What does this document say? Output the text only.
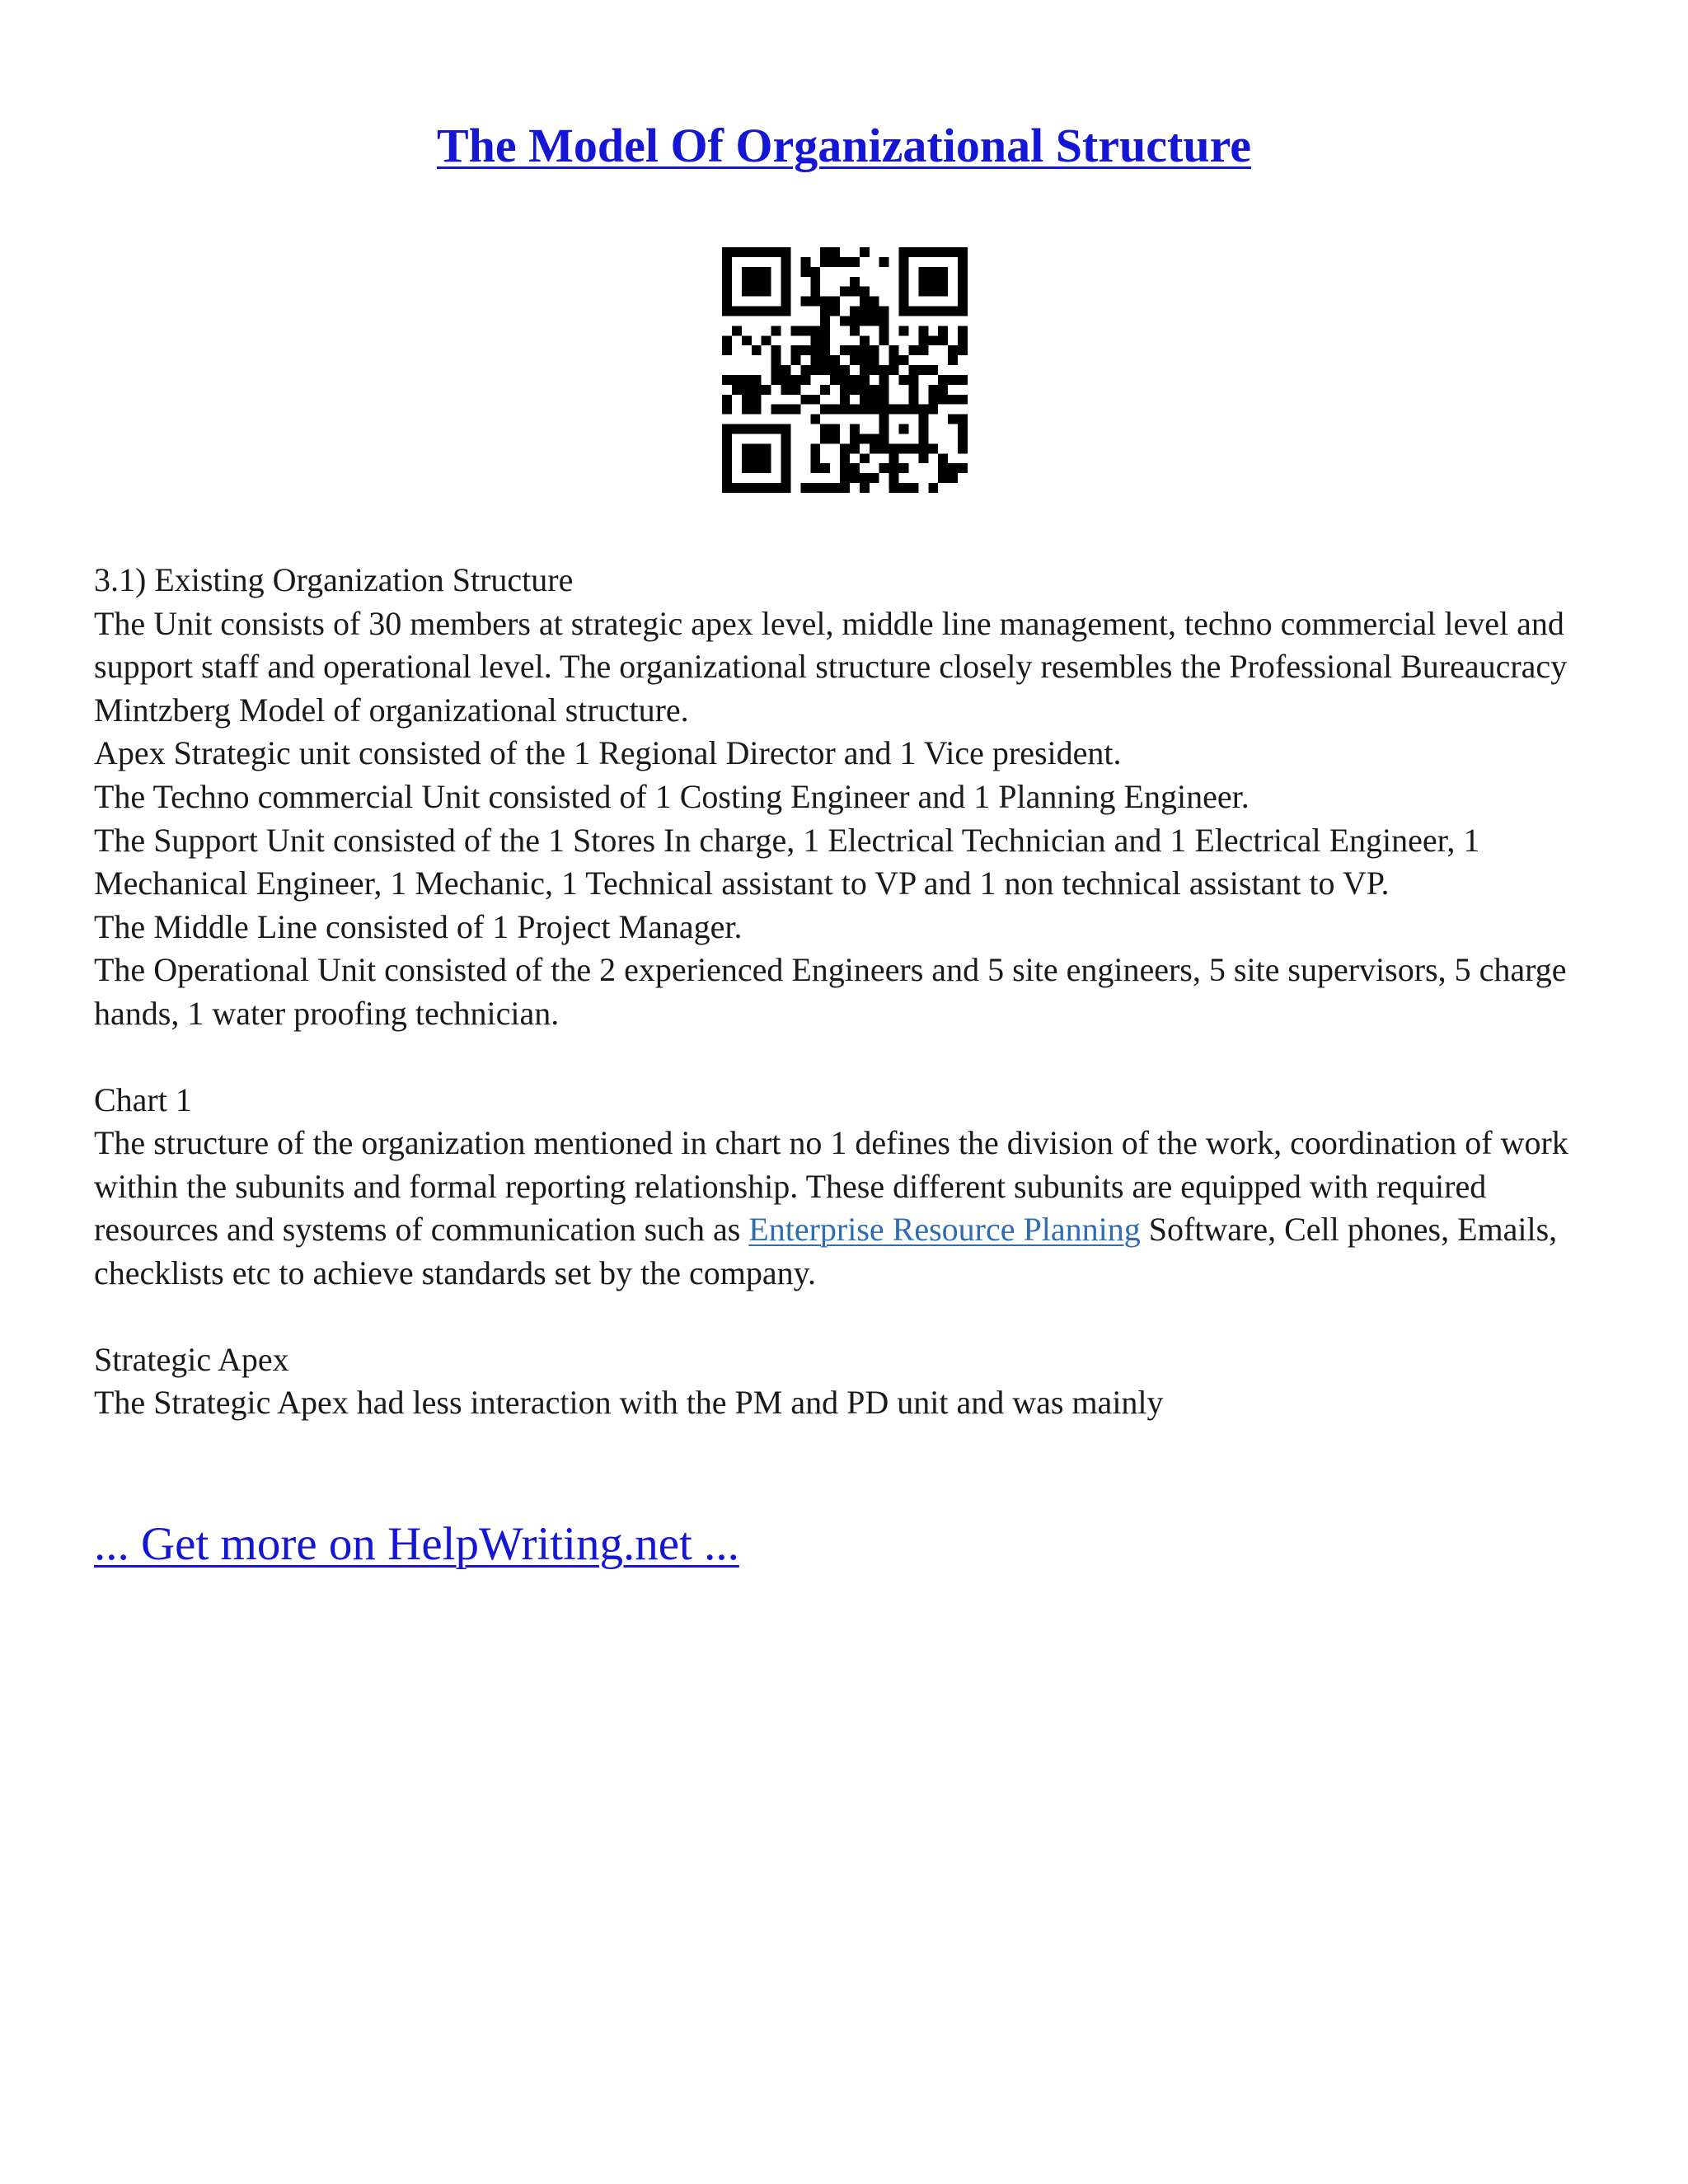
The Model Of Organizational Structure

3.1) Existing Organization Structure

The Unit consists of 30 members at strategic apex level, middle line management, techno commercial level and support staff and operational level. The organizational structure closely resembles the Professional Bureaucracy Mintzberg Model of organizational structure.

Apex Strategic unit consisted of the 1 Regional Director and 1 Vice president.

The Techno commercial Unit consisted of 1 Costing Engineer and 1 Planning Engineer.

The Support Unit consisted of the 1 Stores In charge, 1 Electrical Technician and 1 Electrical Engineer, 1 Mechanical Engineer, 1 Mechanic, 1 Technical assistant to VP and 1 non technical assistant to VP.

The Middle Line consisted of 1 Project Manager.

The Operational Unit consisted of the 2 experienced Engineers and 5 site engineers, 5 site supervisors, 5 charge hands, 1 water proofing technician.

Chart 1

The structure of the organization mentioned in chart no 1 defines the division of the work, coordination of work within the subunits and formal reporting relationship. These different subunits are equipped with required resources and systems of communication such as Enterprise Resource Planning Software, Cell phones, Emails, checklists etc to achieve standards set by the company.

Strategic Apex

The Strategic Apex had less interaction with the PM and PD unit and was mainly

... Get more on HelpWriting.net ...
